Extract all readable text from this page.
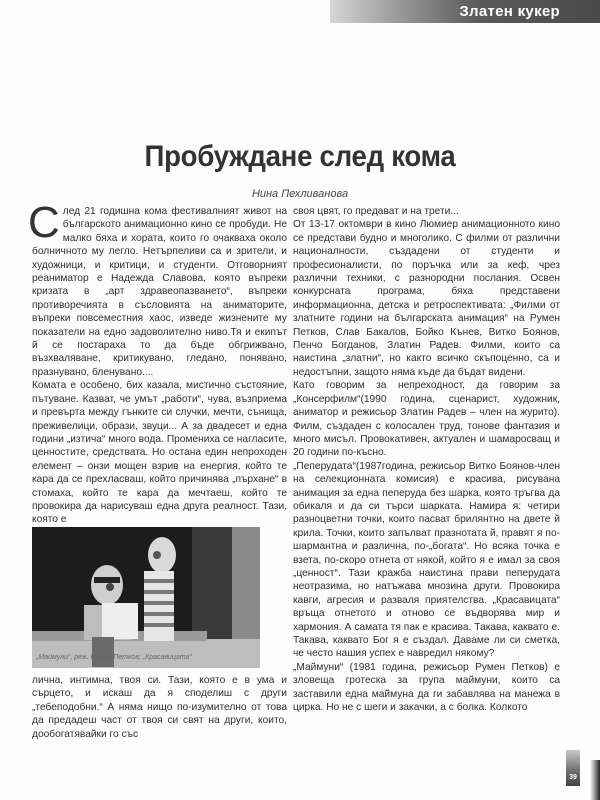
Златен кукер
Пробуждане след кома
Нина Пехливанова
С лед 21 годишна кома фестивалният живот на българското анимационно кино се пробуди. Не малко бяха и хората, които го очакваха около болничното му легло. Нетърпеливи са и зрители, и художници, и критици, и студенти. Отговорният реаниматор е Надежда Славова, която въпреки кризата в „арт здравеопазването“, въпреки противоречията в съсловията на аниматорите, въпреки повсеместния хаос, изведе жизнените му показатели на едно задоволително ниво.Тя и екипът й се постараха то да бъде обгрижвано, възхваляване, критикувано, гледано, понявано, празнувано, бленувано....

Комата е особено, бих казала, мистично състояние, пътуване. Казват, че умът „работи“, чува, възприема и превърта между гънките си случки, мечти, сънища, преживелици, образи, звуци... А за двадесет и една години „изтича“ много вода. Промениха се нагласите, ценностите, средствата. Но остана един непроходен елемент – онзи мощен взрив на енергия, който те кара да се прехласваш, който причинява „пърхане“ в стомаха, който те кара да мечтаеш, който те провокира да нарисуваш една друга реалност. Тази, която е

„Маймуни“, реж. Румен Петков; „Красавицата“
лична, интимна, твоя си. Тази, която е в ума и сърцето, и искаш да я споделиш с други „тебеподобни.“ А няма нищо по-изумително от това да предадеш част от твоя си свят на други, които, дообогатявайки го със

своя цвят, го предават и на трети...

От 13-17 октомври в кино Люмиер анимационното кино се представи будно и многолико. С филми от различни националности, създадени от студенти и професионалисти, по поръчка или за кеф, чрез различни техники, с разнородни послания. Освен конкурсната програма, бяха представени информационна, детска и ретроспективата: „Филми от златните години на българската анимация“ на Румен Петков, Слав Бакалов, Бойко Кънев, Витко Боянов, Пенчо Богданов, Златин Радев. Филми, които са наистина „златни“, но както всичко скъпоценно, са и недостъпни, защото няма къде да бъдат видени.

Като говорим за непреходност, да говорим за „Консерфилм“(1990 година, сценарист, художник, аниматор и режисьор Златин Радев – член на журито). Филм, създаден с колосален труд, тонове фантазия и много мисъл. Провокативен, актуален и шамаросващ и 20 години по-късно.

„Пеперудата“(1987година, режисьор Витко Боянов-член на селекционната комисия) е красива, рисувана анимация за една пеперуда без шарка, която тръгва да обикаля и да си търси шарката. Намира я: четири разноцветни точки, които пасват брилянтно на двете й крила. Точки, които запълват празнотата й, правят я по-шармантна и различна, по-„богата“. Но всяка точка е взета, по-скоро отнета от някой, който я е имал за своя „ценност“. Тази кражба наистина прави пеперудата неотразима, но натъжава мнозина други. Провокира кавги, агресия и разваля приятелства. „Красавицата“ връща отнетото и отново се въдворява мир и хармония. А самата тя пак е красива. Такава, каквато е. Такава, каквато Бог я е създал. Даваме ли си сметка, че често нашия успех е навредил някому?

„Маймуни“ (1981 година, режисьор Румен Петков) е зловеща гротеска за група маймуни, които са заставили една маймуна да ги забавлява на манежа в цирка. Но не с шеги и закачки, а с болка. Колкото

39
